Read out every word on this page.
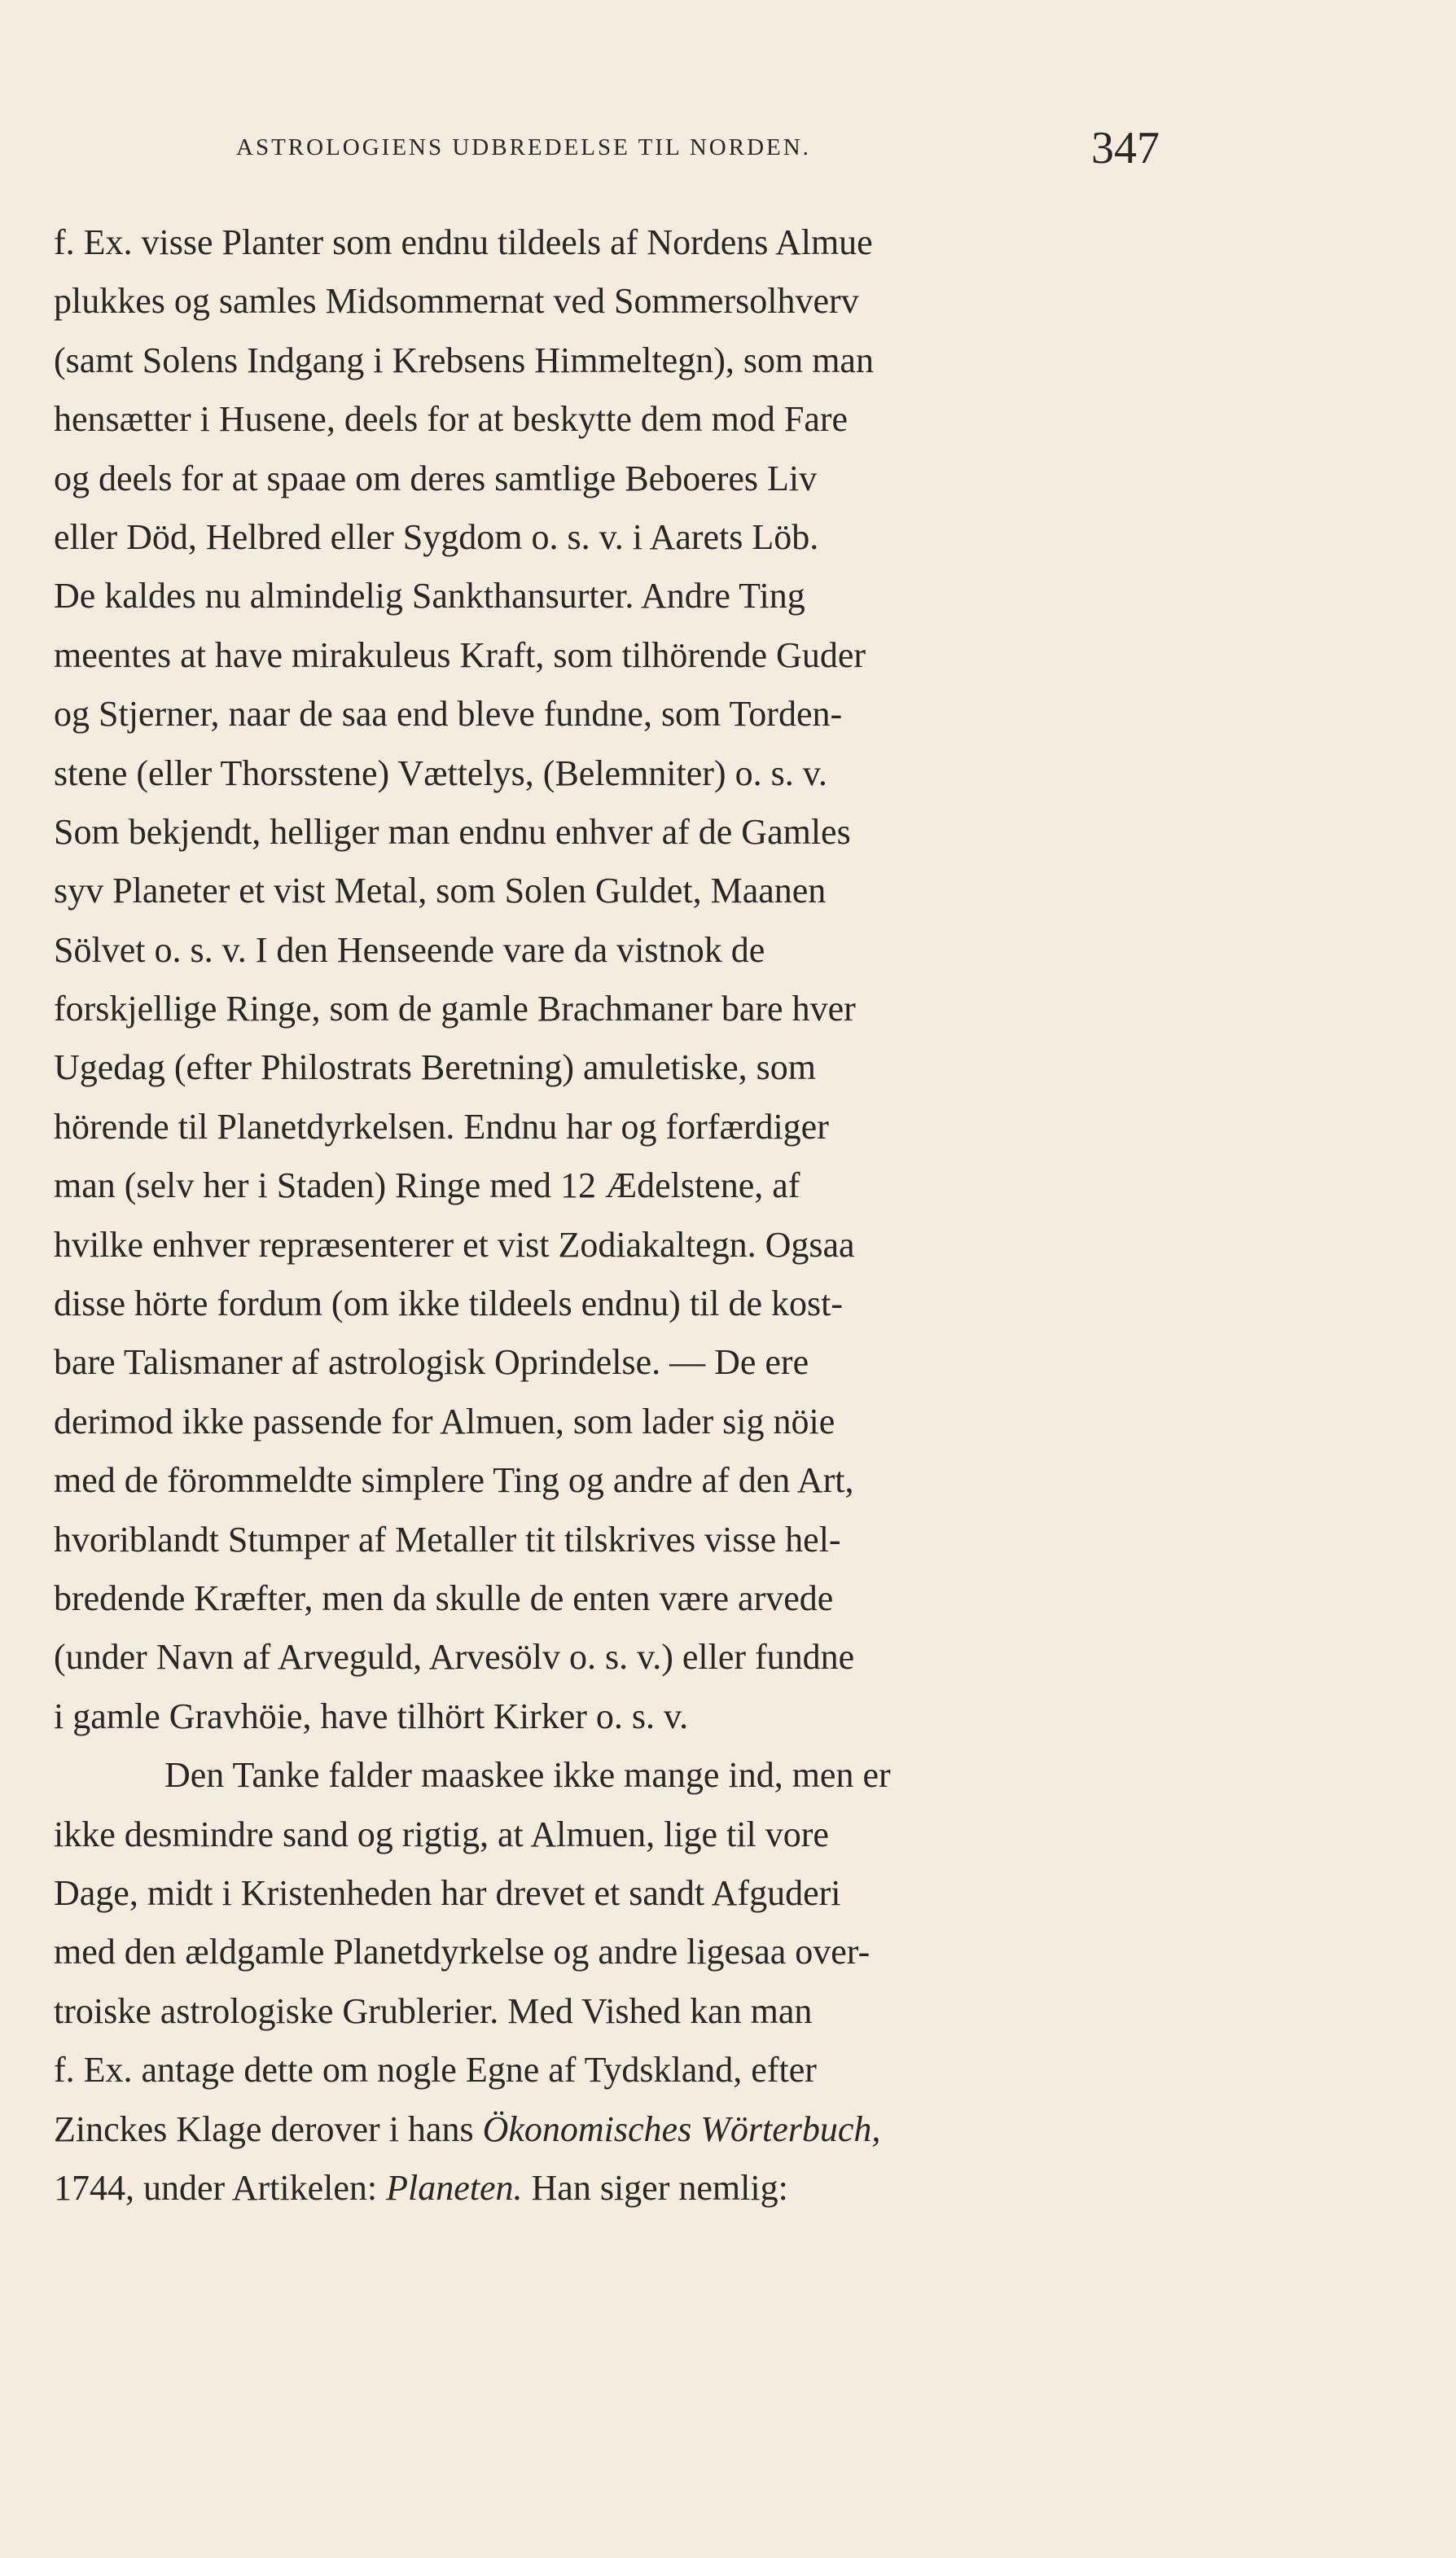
ASTROLOGIENS UDBREDELSE TIL NORDEN.	347
f. Ex. visse Planter som endnu tildeels af Nordens Almue
plukkes og samles Midsommernat ved Sommersolhverv
(samt Solens Indgang i Krebsens Himmeltegn), som man
hensætter i Husene, deels for at beskytte dem mod Fare
og deels for at spaae om deres samtlige Beboeres Liv
eller Död, Helbred eller Sygdom o. s. v. i Aarets Löb.
De kaldes nu almindelig Sankthansurter. Andre Ting
meentes at have mirakuleus Kraft, som tilhörende Guder
og Stjerner, naar de saa end bleve fundne, som Torden-
stene (eller Thorsstene) Vættelys, (Belemniter) o. s. v.
Som bekjendt, helliger man endnu enhver af de Gamles
syv Planeter et vist Metal, som Solen Guldet, Maanen
Sölvet o. s. v. I den Henseende vare da vistnok de
forskjellige Ringe, som de gamle Brachmaner bare hver
Ugedag (efter Philostrats Beretning) amuletiske, som
hörende til Planetdyrkelsen. Endnu har og forfærdiger
man (selv her i Staden) Ringe med 12 Ædelstene, af
hvilke enhver repræsenterer et vist Zodiakaltegn. Ogsaa
disse hörte fordum (om ikke tildeels endnu) til de kost-
bare Talismaner af astrologisk Oprindelse. — De ere
derimod ikke passende for Almuen, som lader sig nöie
med de förommeldte simplere Ting og andre af den Art,
hvoriblandt Stumper af Metaller tit tilskrives visse hel-
bredende Kræfter, men da skulle de enten være arvede
(under Navn af Arveguld, Arvesölv o. s. v.) eller fundne
i gamle Gravhöie, have tilhört Kirker o. s. v.
Den Tanke falder maaskee ikke mange ind, men er
ikke desmindre sand og rigtig, at Almuen, lige til vore
Dage, midt i Kristenheden har drevet et sandt Afguderi
med den ældgamle Planetdyrkelse og andre ligesaa over-
troiske astrologiske Grublerier. Med Vished kan man
f. Ex. antage dette om nogle Egne af Tydskland, efter
Zinckes Klage derover i hans Ökonomisches Wörterbuch,
1744, under Artikelen: Planeten. Han siger nemlig:
